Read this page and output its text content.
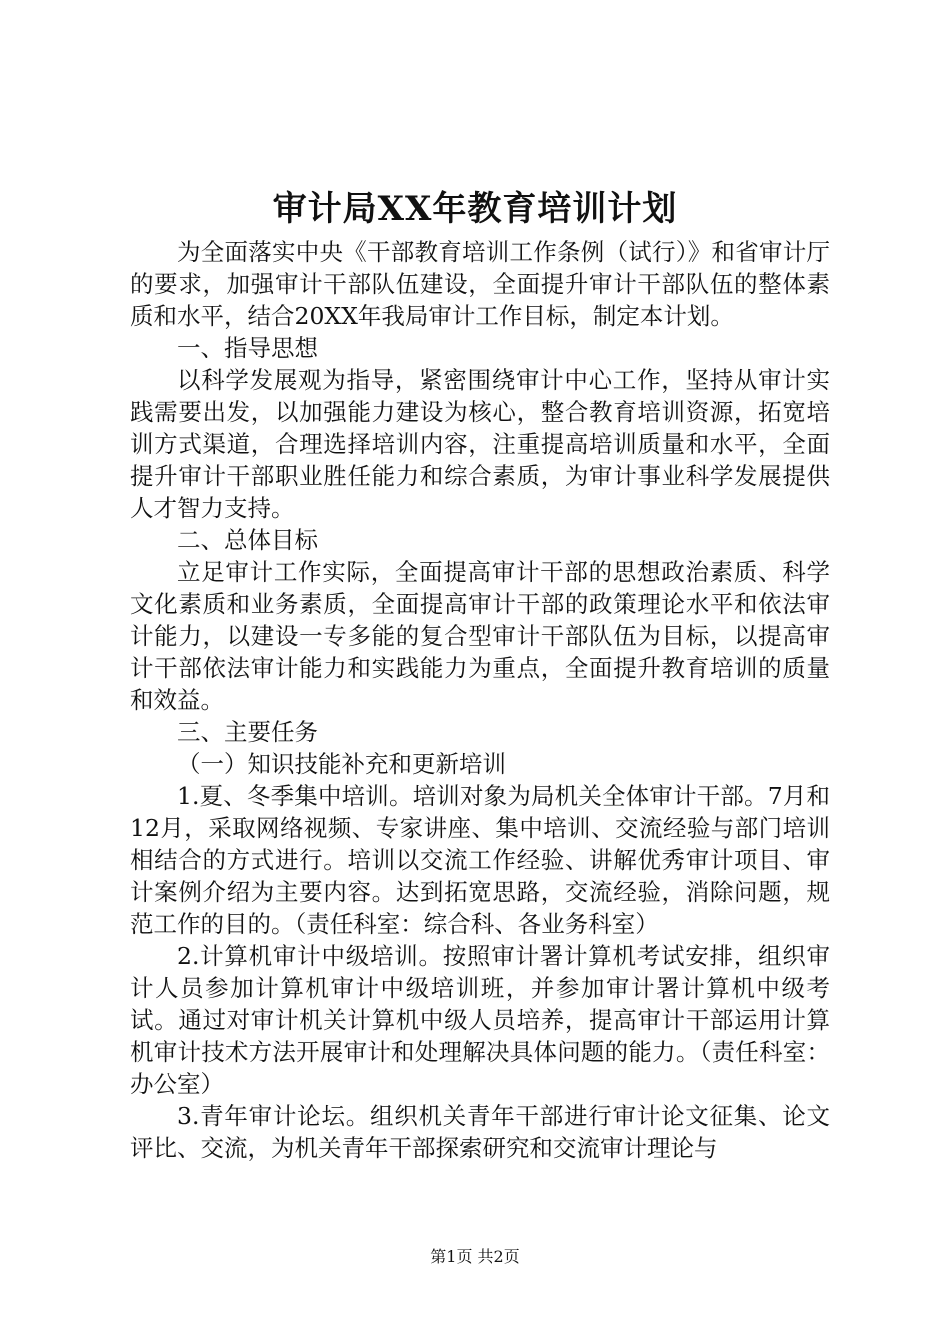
审计局XX年教育培训计划

为全面落实中央《干部教育培训工作条例（试行）》和省审计厅的要求，加强审计干部队伍建设，全面提升审计干部队伍的整体素质和水平，结合20XX年我局审计工作目标，制定本计划。

一、指导思想

以科学发展观为指导，紧密围绕审计中心工作，坚持从审计实践需要出发，以加强能力建设为核心，整合教育培训资源，拓宽培训方式渠道，合理选择培训内容，注重提高培训质量和水平，全面提升审计干部职业胜任能力和综合素质，为审计事业科学发展提供人才智力支持。

二、总体目标

立足审计工作实际，全面提高审计干部的思想政治素质、科学文化素质和业务素质，全面提高审计干部的政策理论水平和依法审计能力，以建设一专多能的复合型审计干部队伍为目标，以提高审计干部依法审计能力和实践能力为重点，全面提升教育培训的质量和效益。

三、主要任务

（一）知识技能补充和更新培训

1.夏、冬季集中培训。培训对象为局机关全体审计干部。7月和12月，采取网络视频、专家讲座、集中培训、交流经验与部门培训相结合的方式进行。培训以交流工作经验、讲解优秀审计项目、审计案例介绍为主要内容。达到拓宽思路，交流经验，消除问题，规范工作的目的。（责任科室：综合科、各业务科室）

2.计算机审计中级培训。按照审计署计算机考试安排，组织审计人员参加计算机审计中级培训班，并参加审计署计算机中级考试。通过对审计机关计算机中级人员培养，提高审计干部运用计算机审计技术方法开展审计和处理解决具体问题的能力。（责任科室：办公室）

3.青年审计论坛。组织机关青年干部进行审计论文征集、论文评比、交流，为机关青年干部探索研究和交流审计理论与

第1页 共2页
